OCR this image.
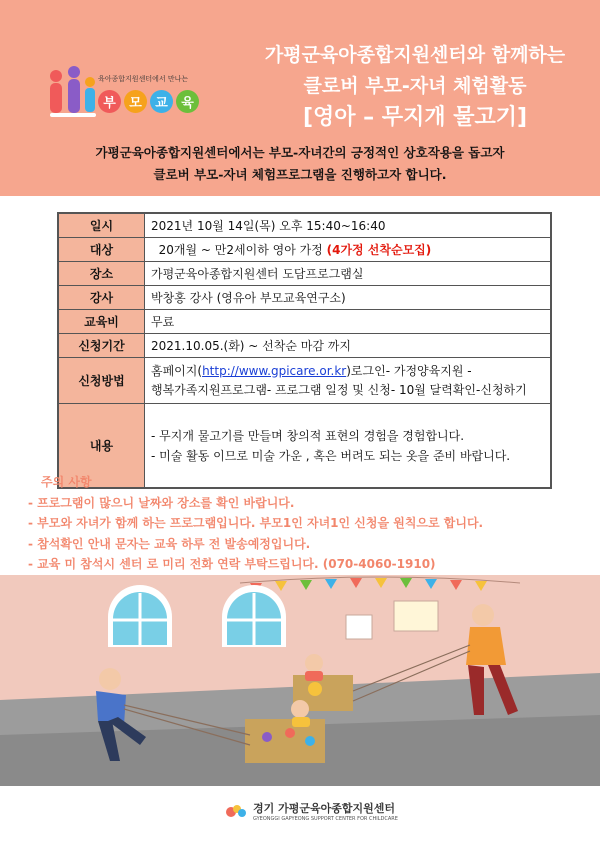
육아종합지원센터에서 만나는
부	모	교	육
가평군육아종합지원센터와 함께하는
클로버 부모-자녀 체험활동
[영아 – 무지개 물고기]
가평군육아종합지원센터에서는 부모-자녀간의 긍정적인 상호작용을 돕고자
클로버 부모-자녀 체험프로그램을 진행하고자 합니다.
일시	2021년 10월 14일(목) 오후 15:40~16:40
대상	20개월 ~ 만2세이하 영아 가정 (4가정 선착순모집)
장소	가평군육아종합지원센터 도담프로그램실
강사	박창홍 강사 (영유아 부모교육연구소)
교육비	무료
신청기간	2021.10.05.(화) ~ 선착순 마감 까지
신청방법	홈페이지(http://www.gpicare.or.kr)로그인- 가정양육지원 -
행복가족지원프로그램- 프로그램 일정 및 신청- 10월 달력확인-신청하기

내용	- 무지개 물고기를 만들며 창의적 표현의 경험을 경험합니다.
- 미술 활동 이므로 미술 가운 , 혹은 버려도 되는 옷을 준비 바랍니다.
주의 사항
- 프로그램이 많으니 날짜와 장소를 확인 바랍니다.
- 부모와 자녀가 함께 하는 프로그램입니다. 부모1인 자녀1인 신청을 원칙으로 합니다.
- 참석확인 안내 문자는 교육 하루 전 발송예정입니다.
- 교육 미 참석시 센터 로 미리 전화 연락 부탁드립니다. (070-4060-1910)
경기 가평군육아종합지원센터
GYEONGGI GAPYEONG SUPPORT CENTER FOR CHILDCARE
